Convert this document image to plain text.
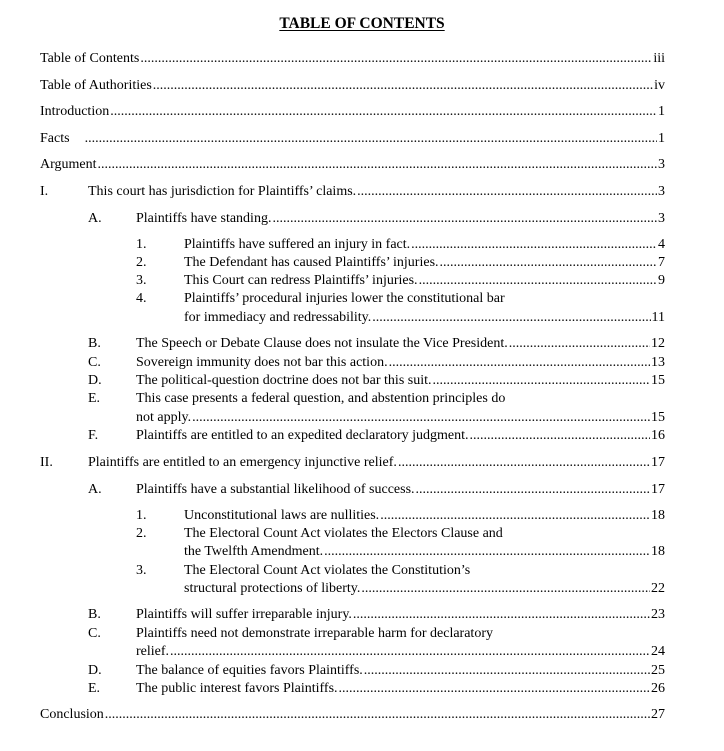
TABLE OF CONTENTS
Table of Contents .....	iii
Table of Authorities .....	iv
Introduction .....	1
Facts .....	1
Argument .....	3
I.	This court has jurisdiction for Plaintiffs’ claims. .....	3
A. Plaintiffs have standing. .....	3
1.	Plaintiffs have suffered an injury in fact. .....	4
2.	The Defendant has caused Plaintiffs’ injuries. .....	7
3.	This Court can redress Plaintiffs’ injuries. .....	9
4.	Plaintiffs’ procedural injuries lower the constitutional bar
for immediacy and redressability. .....	11
B.	The Speech or Debate Clause does not insulate the Vice President. .....	12
C.	Sovereign immunity does not bar this action. .....	13
D. The political-question doctrine does not bar this suit. .....	15
E.	This case presents a federal question, and abstention principles do
not apply. .....	15
F.	Plaintiffs are entitled to an expedited declaratory judgment. .....	16
II.	Plaintiffs are entitled to an emergency injunctive relief. .....	17
A. Plaintiffs have a substantial likelihood of success. .....	17
1.	Unconstitutional laws are nullities. .....	18
2.	The Electoral Count Act violates the Electors Clause and
the Twelfth Amendment. .....	18
3.	The Electoral Count Act violates the Constitution’s
structural protections of liberty. .....	22
B.	Plaintiffs will suffer irreparable injury. .....	23
C.	Plaintiffs need not demonstrate irreparable harm for declaratory
relief. .....	24
D. The balance of equities favors Plaintiffs. .....	25
E.	The public interest favors Plaintiffs. .....	26
Conclusion .....	27
